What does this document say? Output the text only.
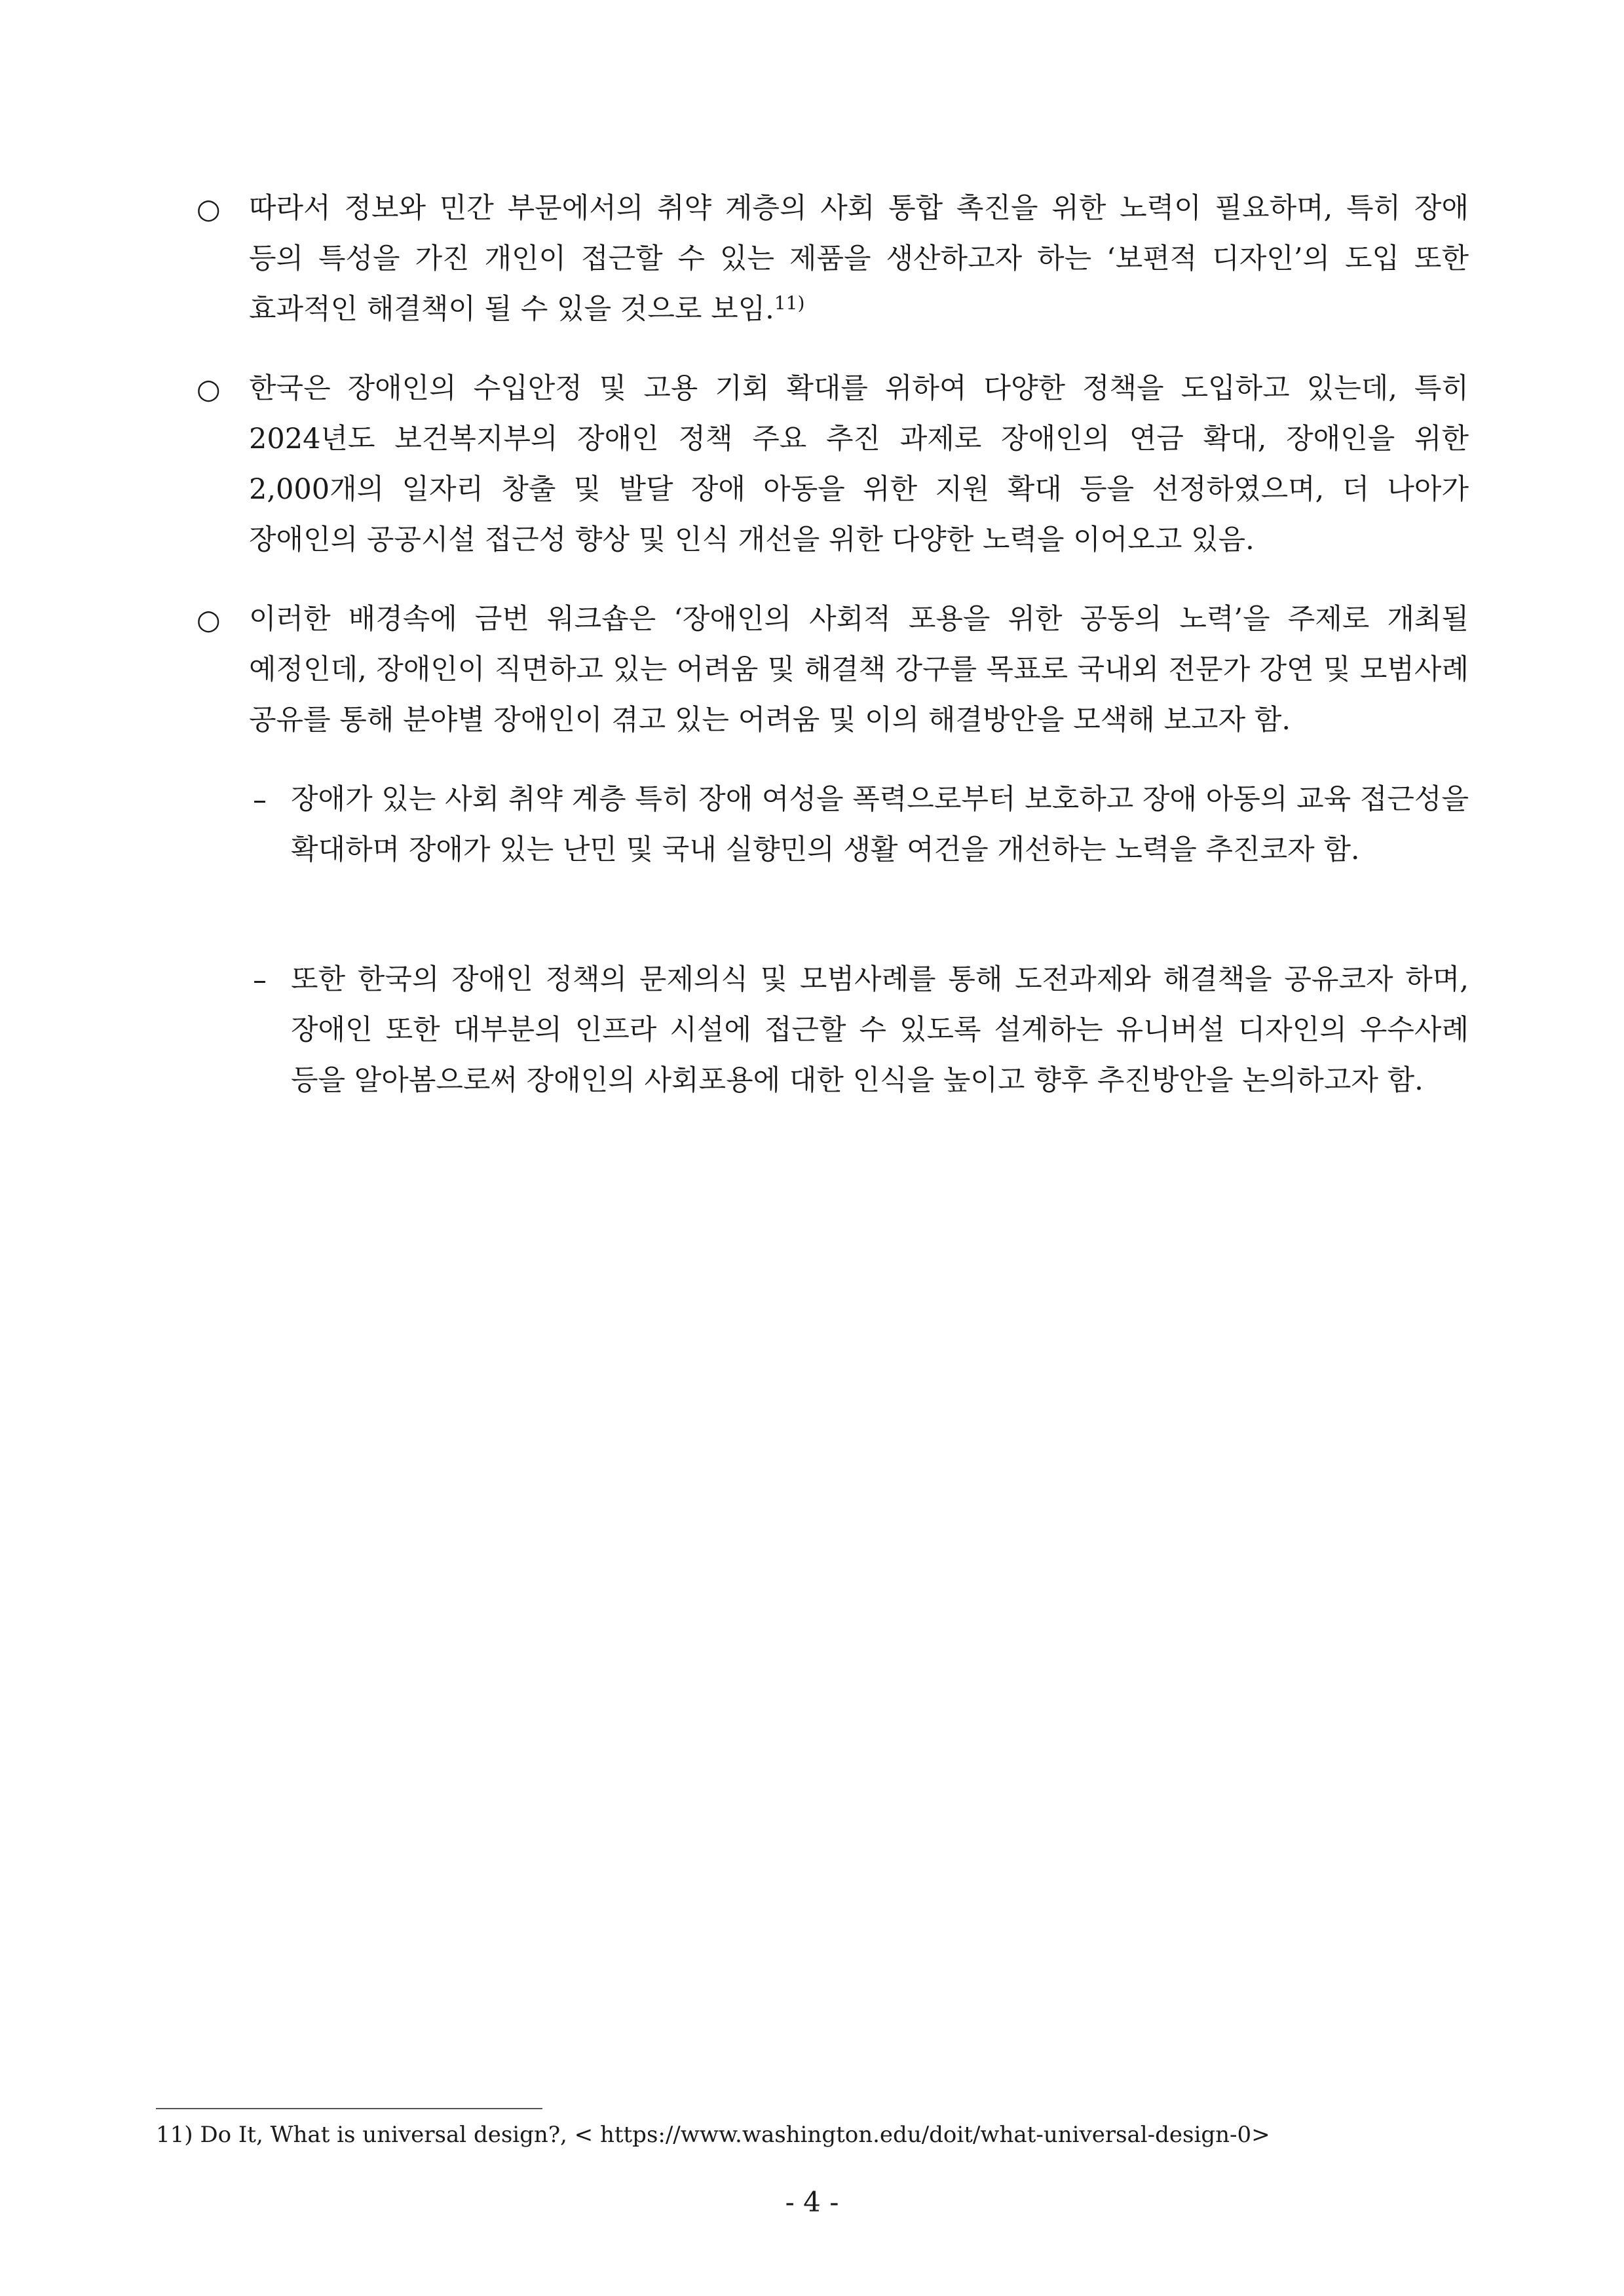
○ 따라서 정보와 민간 부문에서의 취약 계층의 사회 통합 촉진을 위한 노력이 필요하며, 특히 장애 등의 특성을 가진 개인이 접근할 수 있는 제품을 생산하고자 하는 ‘보편적 디자인’의 도입 또한 효과적인 해결책이 될 수 있을 것으로 보임.$^{11)}$
○ 한국은 장애인의 수입안정 및 고용 기회 확대를 위하여 다양한 정책을 도입하고 있는데, 특히 2024년도 보건복지부의 장애인 정책 주요 추진 과제로 장애인의 연금 확대, 장애인을 위한 2,000개의 일자리 창출 및 발달 장애 아동을 위한 지원 확대 등을 선정하였으며, 더 나아가 장애인의 공공시설 접근성 향상 및 인식 개선을 위한 다양한 노력을 이어오고 있음.
○ 이러한 배경속에 금번 워크숍은 ‘장애인의 사회적 포용을 위한 공동의 노력’을 주제로 개최될 예정인데, 장애인이 직면하고 있는 어려움 및 해결책 강구를 목표로 국내외 전문가 강연 및 모범사례 공유를 통해 분야별 장애인이 겪고 있는 어려움 및 이의 해결방안을 모색해 보고자 함.
– 장애가 있는 사회 취약 계층 특히 장애 여성을 폭력으로부터 보호하고 장애 아동의 교육 접근성을 확대하며 장애가 있는 난민 및 국내 실향민의 생활 여건을 개선하는 노력을 추진코자 함.
– 또한 한국의 장애인 정책의 문제의식 및 모범사례를 통해 도전과제와 해결책을 공유코자 하며, 장애인 또한 대부분의 인프라 시설에 접근할 수 있도록 설계하는 유니버설 디자인의 우수사례 등을 알아봄으로써 장애인의 사회포용에 대한 인식을 높이고 향후 추진방안을 논의하고자 함.
11) Do It, What is universal design?, < https://www.washington.edu/doit/what-universal-design-0>
- 4 -
